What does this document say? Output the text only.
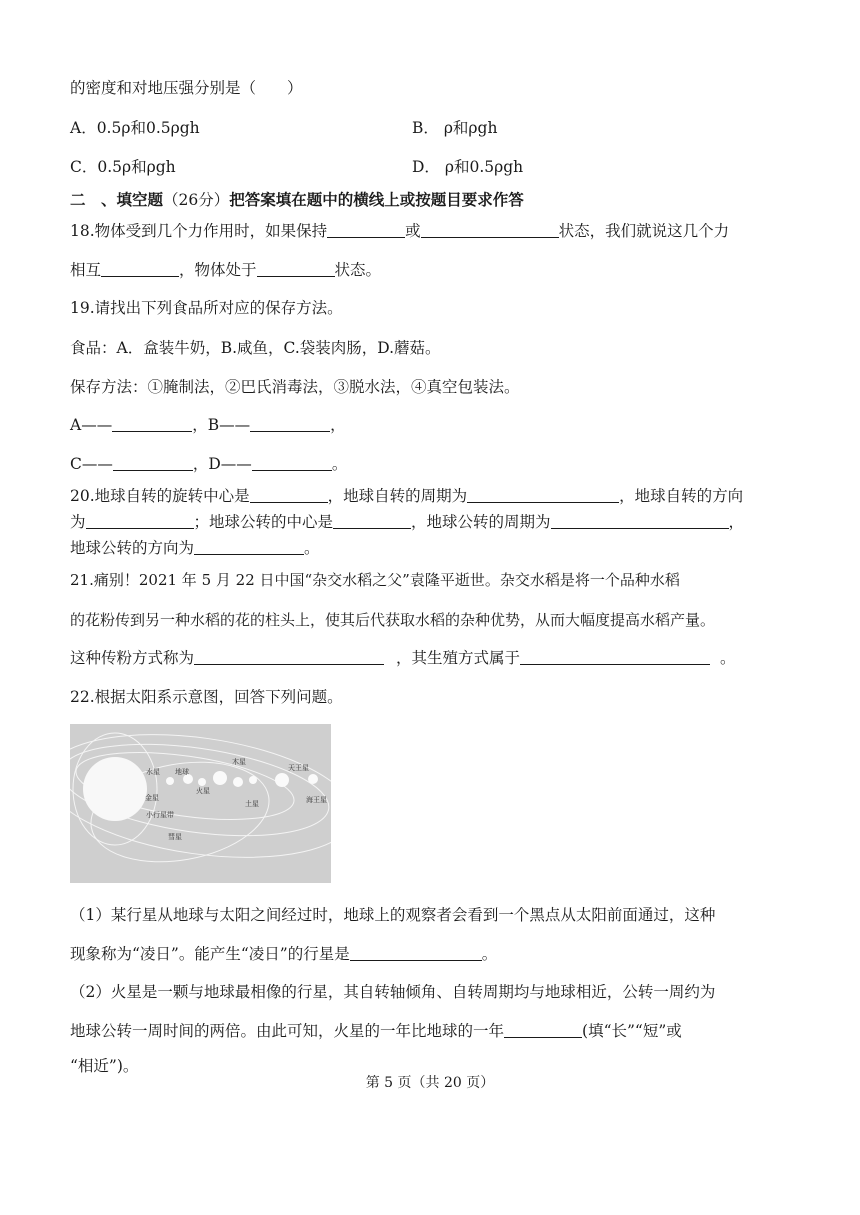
的密度和对地压强分别是（　　）
A．0.5ρ和0.5ρgh	B． ρ和ρgh
C．0.5ρ和ρgh	D． ρ和0.5ρgh
二　、填空题（26分）把答案填在题中的横线上或按题目要求作答
18.物体受到几个力作用时，如果保持	或	状态，我们就说这几个力
相互	，物体处于	状态。
19.请找出下列食品所对应的保存方法。
食品：A．盒装牛奶，B.咸鱼，C.袋装肉肠，D.蘑菇。
保存方法：①腌制法，②巴氏消毒法，③脱水法，④真空包装法。
A——	，B——	，
C——	，D——	。
20.地球自转的旋转中心是	，地球自转的周期为	，地球自转的方向
为	；地球公转的中心是	，地球公转的周期为	，
地球公转的方向为	。
21.痛别！2021 年 5 月 22 日中国“杂交水稻之父”袁隆平逝世。杂交水稻是将一个品种水稻
的花粉传到另一种水稻的花的柱头上，使其后代获取水稻的杂种优势，从而大幅度提高水稻产量。
这种传粉方式称为	，其生殖方式属于	。
22.根据太阳系示意图，回答下列问题。
水星 地球
木星
天王星
金星
火星
土星	海王星
小行星带
彗星
（1）某行星从地球与太阳之间经过时，地球上的观察者会看到一个黑点从太阳前面通过，这种
现象称为“凌日”。能产生“凌日”的行星是	。
（2）火星是一颗与地球最相像的行星，其自转轴倾角、自转周期均与地球相近，公转一周约为
地球公转一周时间的两倍。由此可知，火星的一年比地球的一年	(填“长”“短”或
“相近”)。
第 5 页（共 20 页）
